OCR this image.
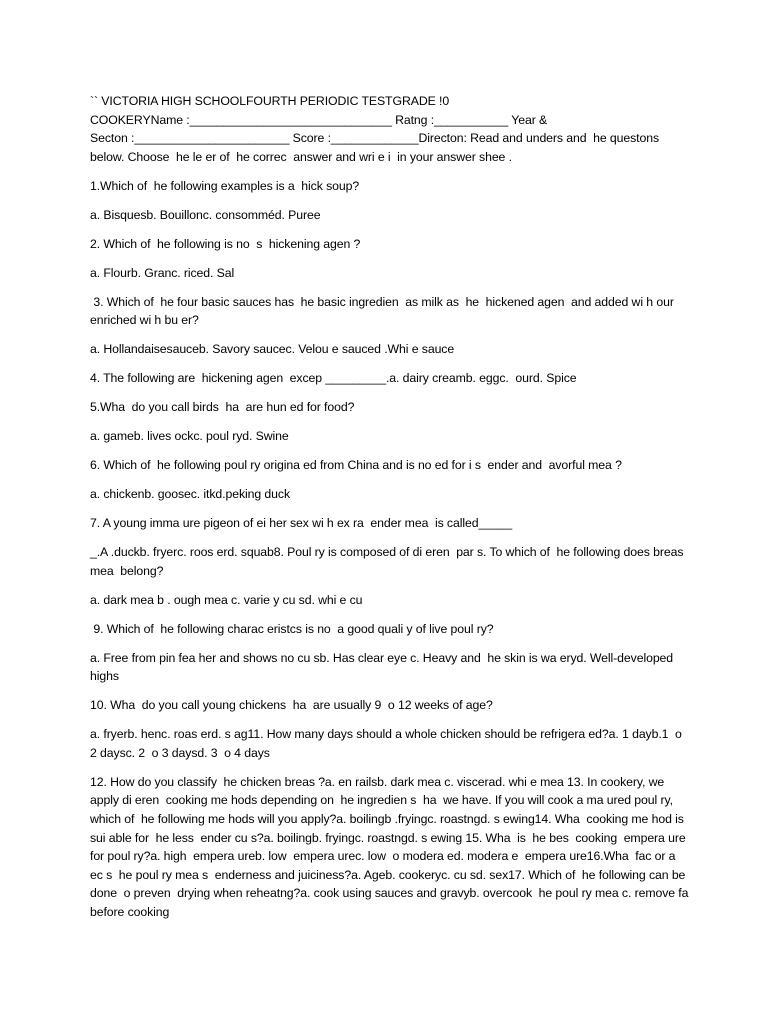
`` VICTORIA HIGH SCHOOLFOURTH PERIODIC TESTGRADE !0

COOKERYName :______________________________ Ratng :___________ Year &

Secton :_______________________ Score :_____________Directon: Read and unders and  he questons below. Choose  he le er of  he correc  answer and wri e i  in your answer shee .

1.Which of  he following examples is a  hick soup?

a. Bisquesb. Bouillonc. consomméd. Puree

2. Which of  he following is no  s  hickening agen ?

a. Flourb. Granc. riced. Sal

3. Which of  he four basic sauces has  he basic ingredien  as milk as  he  hickened agen  and added wi h our enriched wi h bu er?

a. Hollandaisesauceb. Savory saucec. Velou e sauced .Whi e sauce

4. The following are  hickening agen  excep _________.a. dairy creamb. eggc.  ourd. Spice

5.Wha  do you call birds  ha  are hun ed for food?

a. gameb. lives ockc. poul ryd. Swine

6. Which of  he following poul ry origina ed from China and is no ed for i s  ender and  avorful mea ?

a. chickenb. goosec. itkd.peking duck

7. A young imma ure pigeon of ei her sex wi h ex ra  ender mea  is called_____

_.A .duckb. fryerc. roos erd. squab8. Poul ry is composed of di eren  par s. To which of  he following does breas  mea  belong?

a. dark mea b . ough mea c. varie y cu sd. whi e cu

9. Which of  he following charac eristcs is no  a good quali y of live poul ry?

a. Free from pin fea her and shows no cu sb. Has clear eye c. Heavy and  he skin is wa eryd. Well-developed  highs

10. Wha  do you call young chickens  ha  are usually 9  o 12 weeks of age?

a. fryerb. henc. roas erd. s ag11. How many days should a whole chicken should be refrigera ed?a. 1 dayb.1  o 2 daysc. 2  o 3 daysd. 3  o 4 days

12. How do you classify  he chicken breas ?a. en railsb. dark mea c. viscerad. whi e mea 13. In cookery, we apply di eren  cooking me hods depending on  he ingredien s  ha  we have. If you will cook a ma ured poul ry, which of  he following me hods will you apply?a. boilingb .fryingc. roastngd. s ewing14. Wha  cooking me hod is sui able for  he less  ender cu s?a. boilingb. fryingc. roastngd. s ewing 15. Wha  is  he bes  cooking  empera ure for poul ry?a. high  empera ureb. low  empera urec. low  o modera ed. modera e  empera ure16.Wha  fac or a ec s  he poul ry mea s  enderness and juiciness?a. Ageb. cookeryc. cu sd. sex17. Which of  he following can be done  o preven  drying when reheatng?a. cook using sauces and gravyb. overcook  he poul ry mea c. remove fa  before cooking
